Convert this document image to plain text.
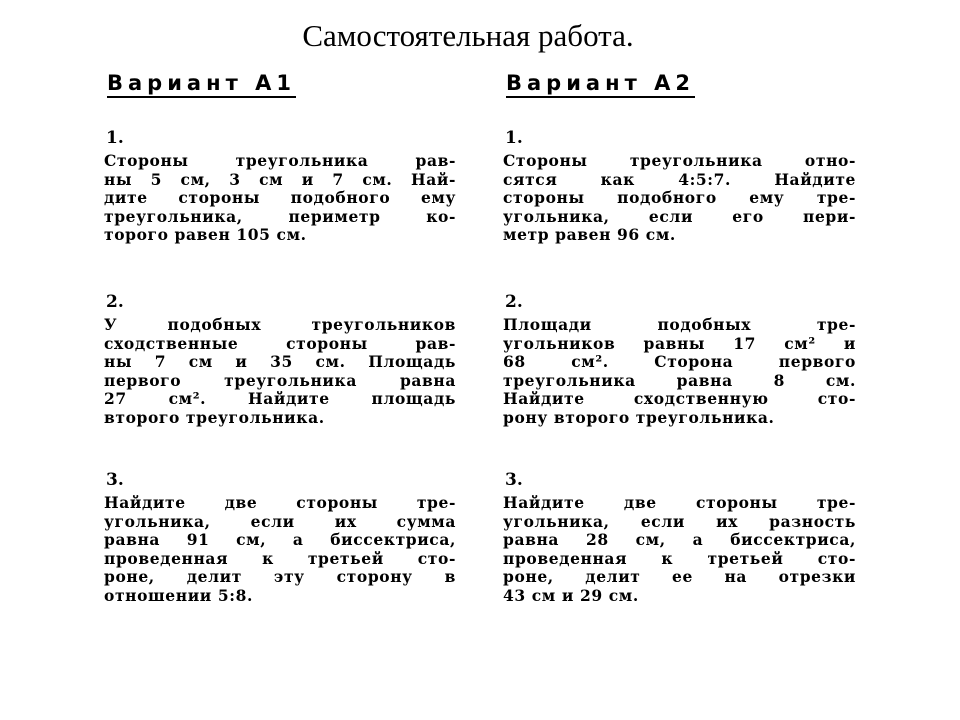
Самостоятельная работа.
Вариант А1
1.
Стороны треугольника рав-
ны 5 см, 3 см и 7 см. Най-
дите стороны подобного ему
треугольника, периметр ко-
торого равен 105 см.
2.
У подобных треугольников
сходственные стороны рав-
ны 7 см и 35 см. Площадь
первого треугольника равна
27 см². Найдите площадь
второго треугольника.
3.
Найдите две стороны тре-
угольника, если их сумма
равна 91 см, а биссектриса,
проведенная к третьей сто-
роне, делит эту сторону в
отношении 5:8.
Вариант А2
1.
Стороны треугольника отно-
сятся как 4:5:7. Найдите
стороны подобного ему тре-
угольника, если его пери-
метр равен 96 см.
2.
Площади подобных тре-
угольников равны 17 см² и
68 см². Сторона первого
треугольника равна 8 см.
Найдите сходственную сто-
рону второго треугольника.
3.
Найдите две стороны тре-
угольника, если их разность
равна 28 см, а биссектриса,
проведенная к третьей сто-
роне, делит ее на отрезки
43 см и 29 см.
